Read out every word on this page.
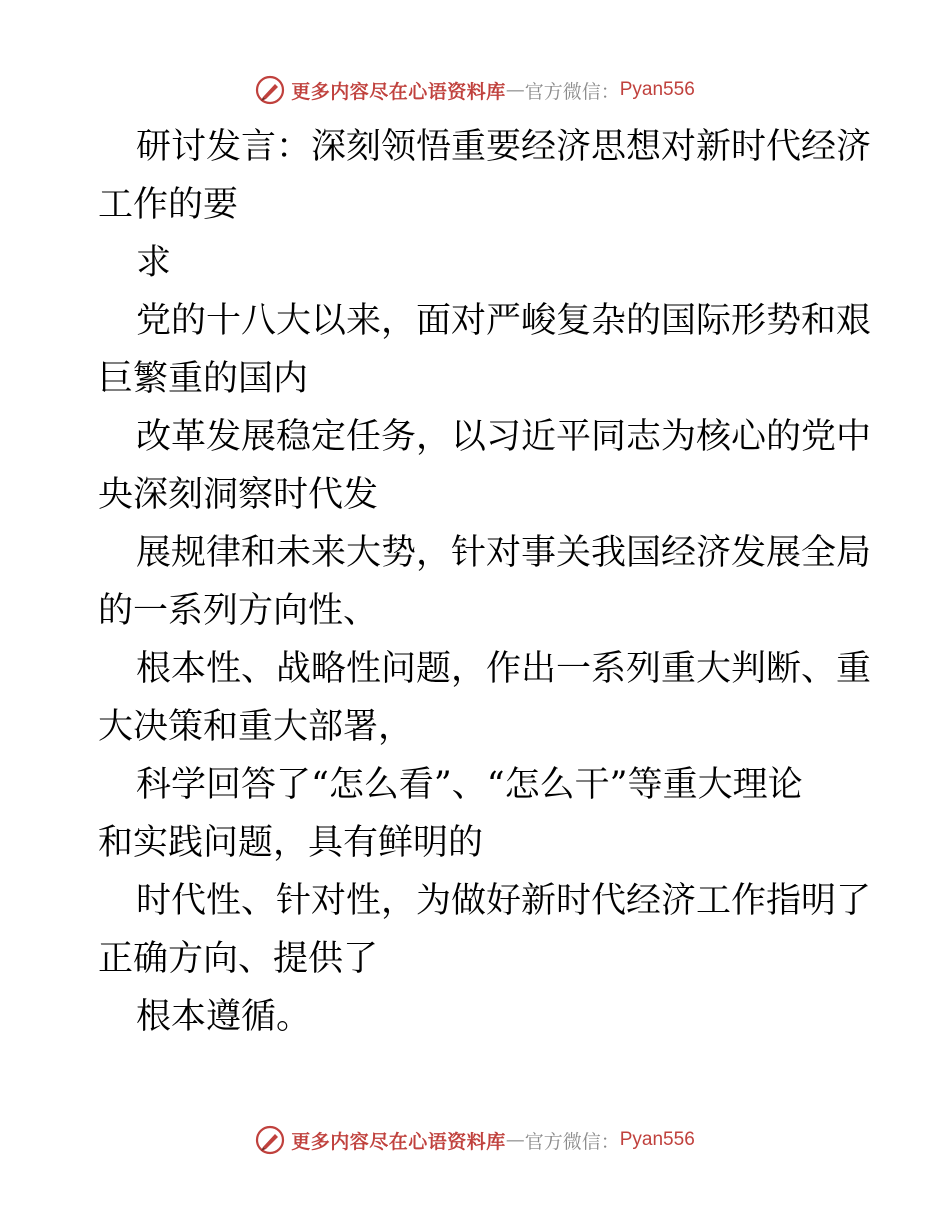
更多内容尽在心语资料库 — 官方微信： Pyan556

研讨发言：深刻领悟重要经济思想对新时代经济

工作的要

求

党的十八大以来，面对严峻复杂的国际形势和艰

巨繁重的国内

改革发展稳定任务，以习近平同志为核心的党中

央深刻洞察时代发

展规律和未来大势，针对事关我国经济发展全局

的一系列方向性、

根本性、战略性问题，作出一系列重大判断、重

大决策和重大部署，

科学回答了“怎么看”、“怎么干”等重大理论

和实践问题，具有鲜明的

时代性、针对性，为做好新时代经济工作指明了

正确方向、提供了

根本遵循。

更多内容尽在心语资料库 — 官方微信： Pyan556
